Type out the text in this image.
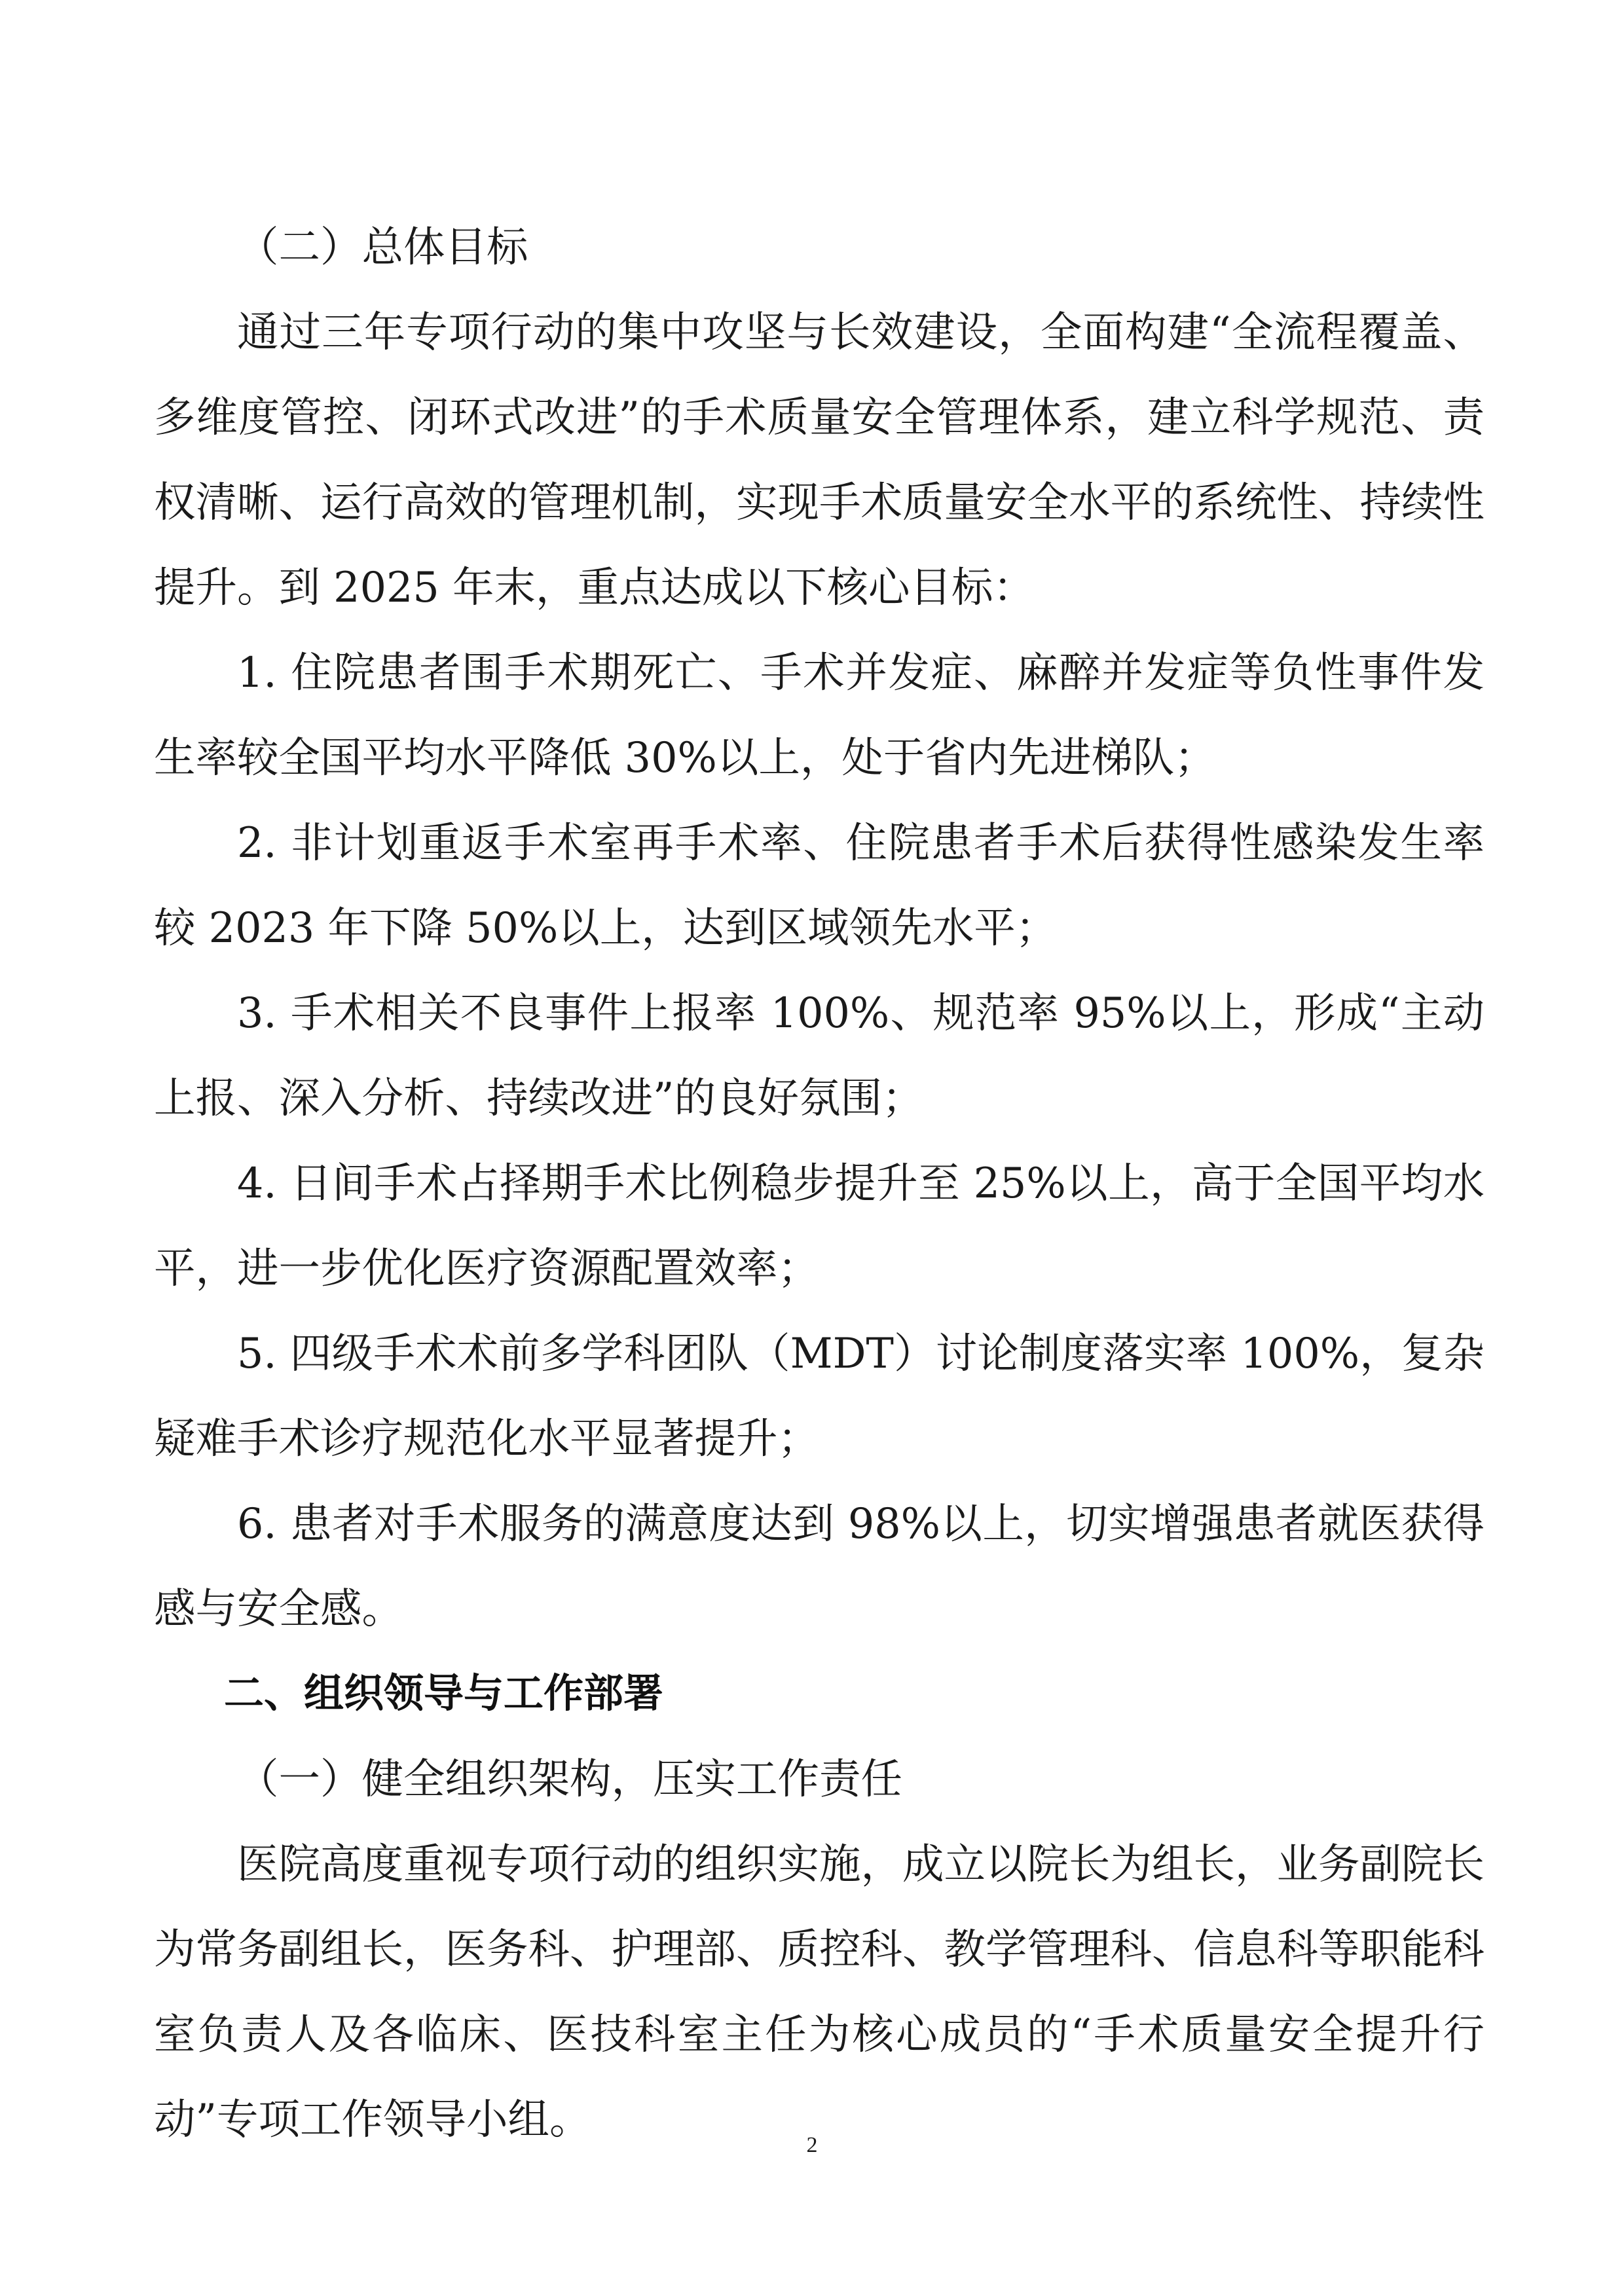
（二）总体目标

通过三年专项行动的集中攻坚与长效建设，全面构建“全流程覆盖、多维度管控、闭环式改进”的手术质量安全管理体系，建立科学规范、责权清晰、运行高效的管理机制，实现手术质量安全水平的系统性、持续性提升。到 2025 年末，重点达成以下核心目标：

1. 住院患者围手术期死亡、手术并发症、麻醉并发症等负性事件发生率较全国平均水平降低 30%以上，处于省内先进梯队；

2. 非计划重返手术室再手术率、住院患者手术后获得性感染发生率较 2023 年下降 50%以上，达到区域领先水平；

3. 手术相关不良事件上报率 100%、规范率 95%以上，形成“主动上报、深入分析、持续改进”的良好氛围；

4. 日间手术占择期手术比例稳步提升至 25%以上，高于全国平均水平，进一步优化医疗资源配置效率；

5. 四级手术术前多学科团队（MDT）讨论制度落实率 100%，复杂疑难手术诊疗规范化水平显著提升；

6. 患者对手术服务的满意度达到 98%以上，切实增强患者就医获得感与安全感。

二、组织领导与工作部署

（一）健全组织架构，压实工作责任

医院高度重视专项行动的组织实施，成立以院长为组长，业务副院长为常务副组长，医务科、护理部、质控科、教学管理科、信息科等职能科室负责人及各临床、医技科室主任为核心成员的“手术质量安全提升行动”专项工作领导小组。

2
